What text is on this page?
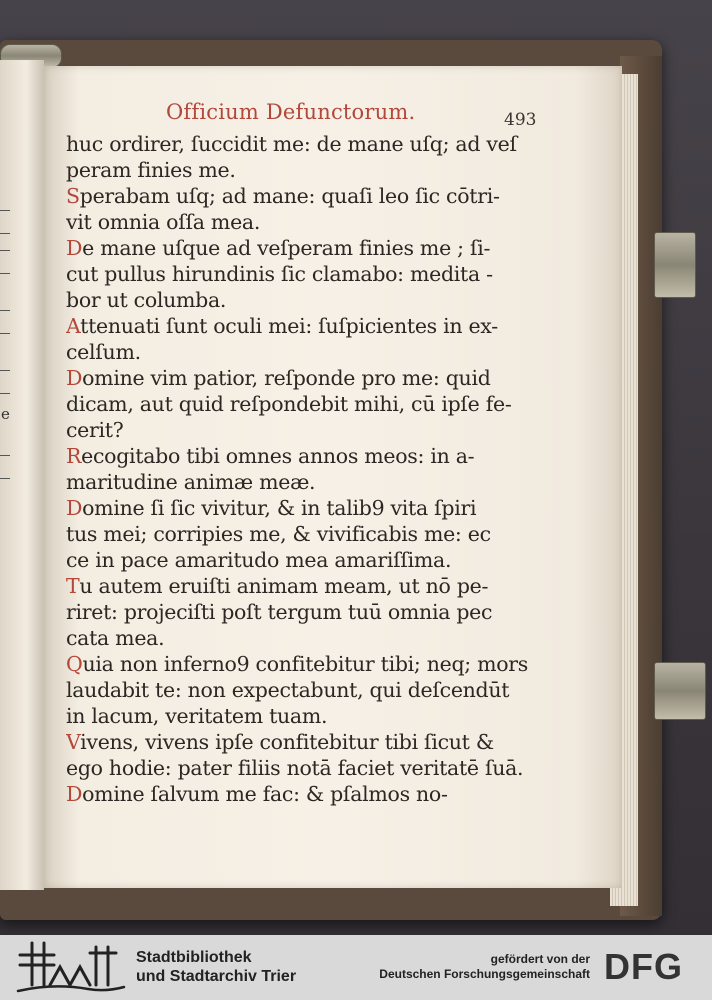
e
Officium Defunctorum.	493
huc ordirer, ſuccidit me: de mane uſq; ad veſ
peram finies me.
Sperabam uſq; ad mane: quaſi leo ſic cōtri-
vit omnia oſſa mea.
De mane uſque ad veſperam finies me ; ſi-
cut pullus hirundinis ſic clamabo: medita -
bor ut columba.
Attenuati ſunt oculi mei: ſuſpicientes in ex-
celſum.
Domine vim patior, reſponde pro me: quid
dicam, aut quid reſpondebit mihi, cū ipſe fe-
cerit?
Recogitabo tibi omnes annos meos: in a-
maritudine animæ meæ.
Domine ſi ſic vivitur, & in talib9 vita ſpiri
tus mei; corripies me, & vivificabis me: ec
ce in pace amaritudo mea amariſſima.
Tu autem eruiſti animam meam, ut nō pe-
riret: projeciſti poſt tergum tuū omnia pec
cata mea.
Quia non inferno9 confitebitur tibi; neq; mors
laudabit te: non expectabunt, qui deſcendūt
in lacum, veritatem tuam.
Vivens, vivens ipſe confitebitur tibi ſicut &
ego hodie: pater filiis notā faciet veritatē ſuā.
Domine ſalvum me fac: & pſalmos no-
Stadtbibliothek
und Stadtarchiv Trier
gefördert von der
Deutschen Forschungsgemeinschaft DFG
